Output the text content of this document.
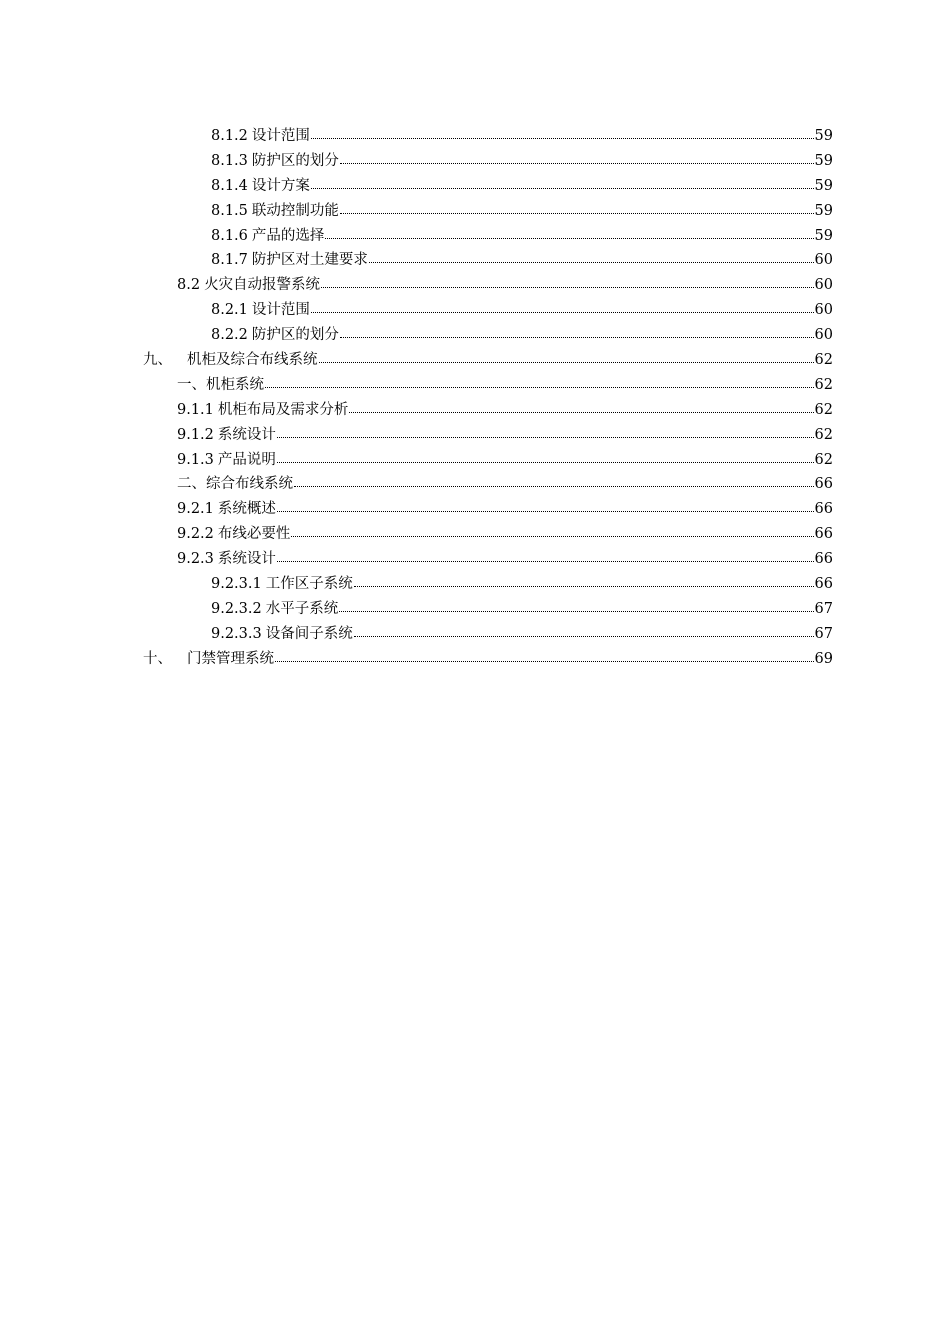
8.1.2 设计范围	59
8.1.3 防护区的划分	59
8.1.4 设计方案	59
8.1.5 联动控制功能	59
8.1.6 产品的选择	59
8.1.7 防护区对土建要求	60
8.2 火灾自动报警系统	60
8.2.1 设计范围	60
8.2.2 防护区的划分	60
九、	机柜及综合布线系统	62
一、 机柜系统	62
9.1.1 机柜布局及需求分析	62
9.1.2 系统设计	62
9.1.3 产品说明	62
二、 综合布线系统	66
9.2.1 系统概述	66
9.2.2 布线必要性	66
9.2.3 系统设计	66
9.2.3.1 工作区子系统	66
9.2.3.2 水平子系统	67
9.2.3.3 设备间子系统	67
十、	门禁管理系统	69
